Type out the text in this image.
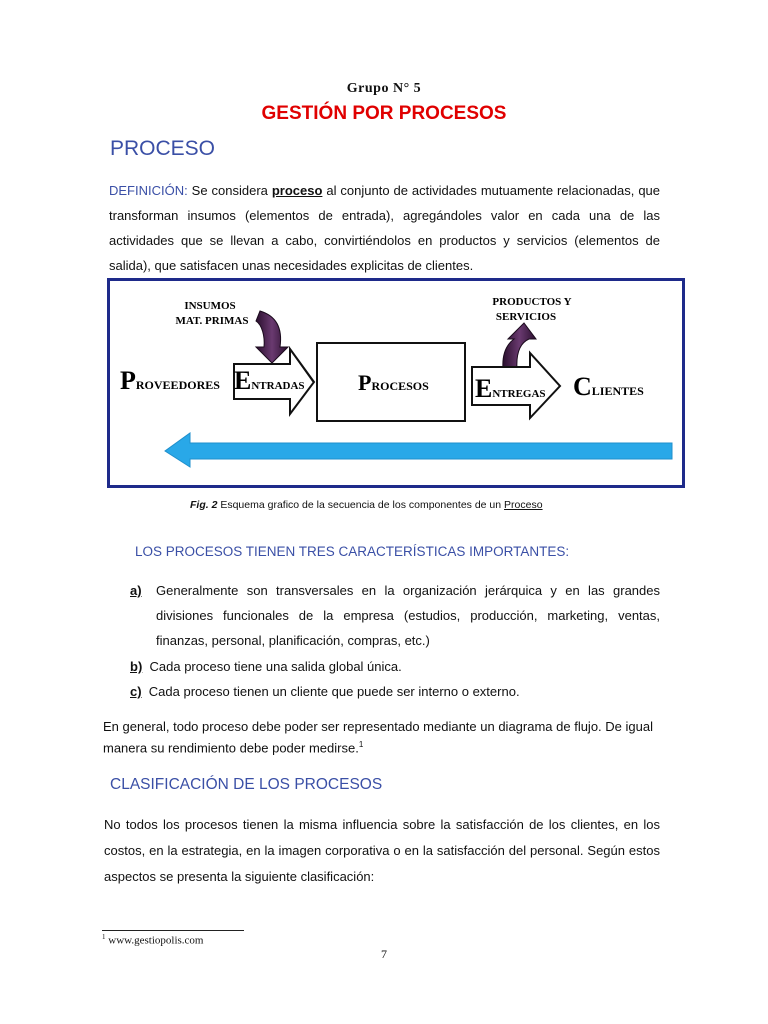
Grupo N° 5
GESTIÓN POR PROCESOS
PROCESO
DEFINICIÓN: Se considera proceso al conjunto de actividades mutuamente relacionadas, que
transforman insumos (elementos de entrada), agregándoles valor en cada una de las
actividades que se llevan a cabo, convirtiéndolos en productos y servicios (elementos de
salida), que satisfacen unas necesidades explicitas de clientes.
INSUMOS
MAT. PRIMAS
PRODUCTOS Y
SERVICIOS
PROVEEDORES ENTRADAS PROCESOS ENTREGAS CLIENTES
Fig. 2 Esquema grafico de la secuencia de los componentes de un Proceso
LOS PROCESOS TIENEN TRES CARACTERÍSTICAS IMPORTANTES:
a) Generalmente son transversales en la organización jerárquica y en las grandes
divisiones funcionales de la empresa (estudios, producción, marketing, ventas,
finanzas, personal, planificación, compras, etc.)
b) Cada proceso tiene una salida global única.
c) Cada proceso tienen un cliente que puede ser interno o externo.
En general, todo proceso debe poder ser representado mediante un diagrama de flujo. De igual
manera su rendimiento debe poder medirse.$^1$
CLASIFICACIÓN DE LOS PROCESOS
No todos los procesos tienen la misma influencia sobre la satisfacción de los clientes, en los
costos, en la estrategia, en la imagen corporativa o en la satisfacción del personal. Según estos
aspectos se presenta la siguiente clasificación:
$^1$ www.gestiopolis.com
7
